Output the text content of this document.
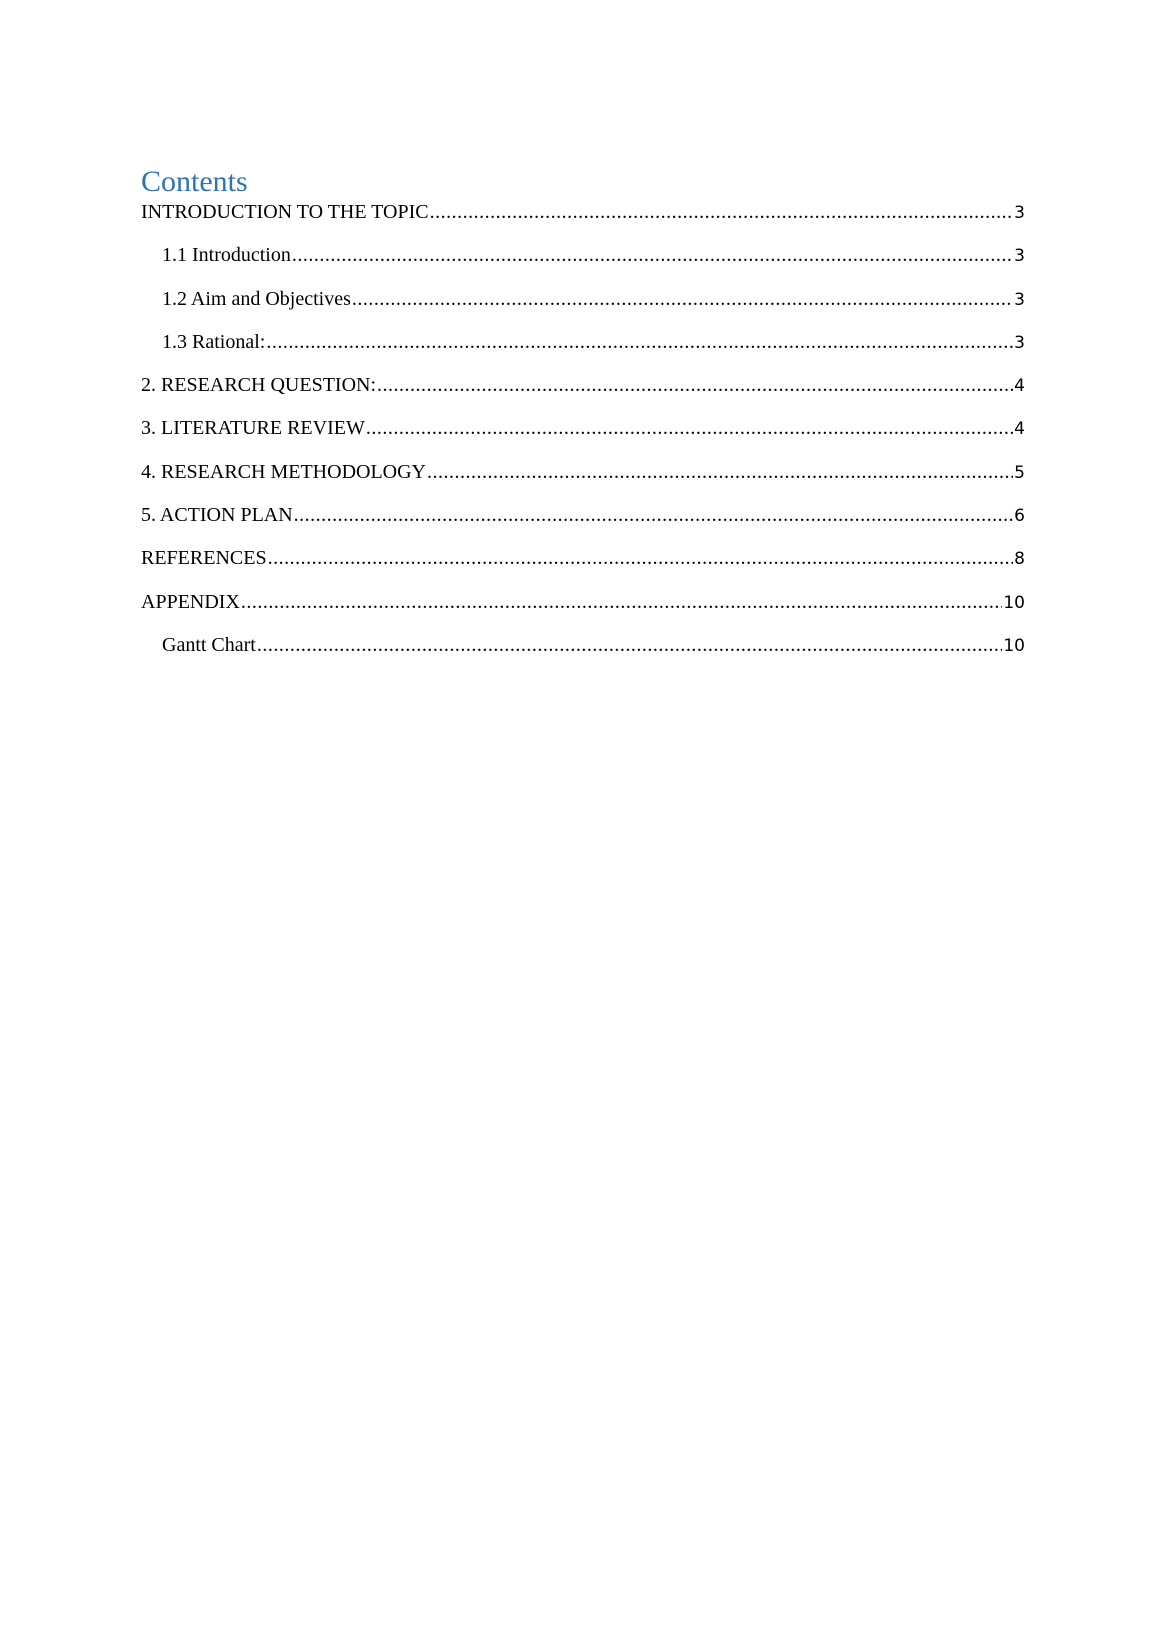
Contents
INTRODUCTION TO THE TOPIC .....	3
1.1 Introduction .....	3
1.2 Aim and Objectives .....	3
1.3 Rational: .....	3
2. RESEARCH QUESTION: .....	4
3. LITERATURE REVIEW .....	4
4. RESEARCH METHODOLOGY .....	5
5. ACTION PLAN .....	6
REFERENCES .....	8
APPENDIX .....	10
Gantt Chart .....	10
